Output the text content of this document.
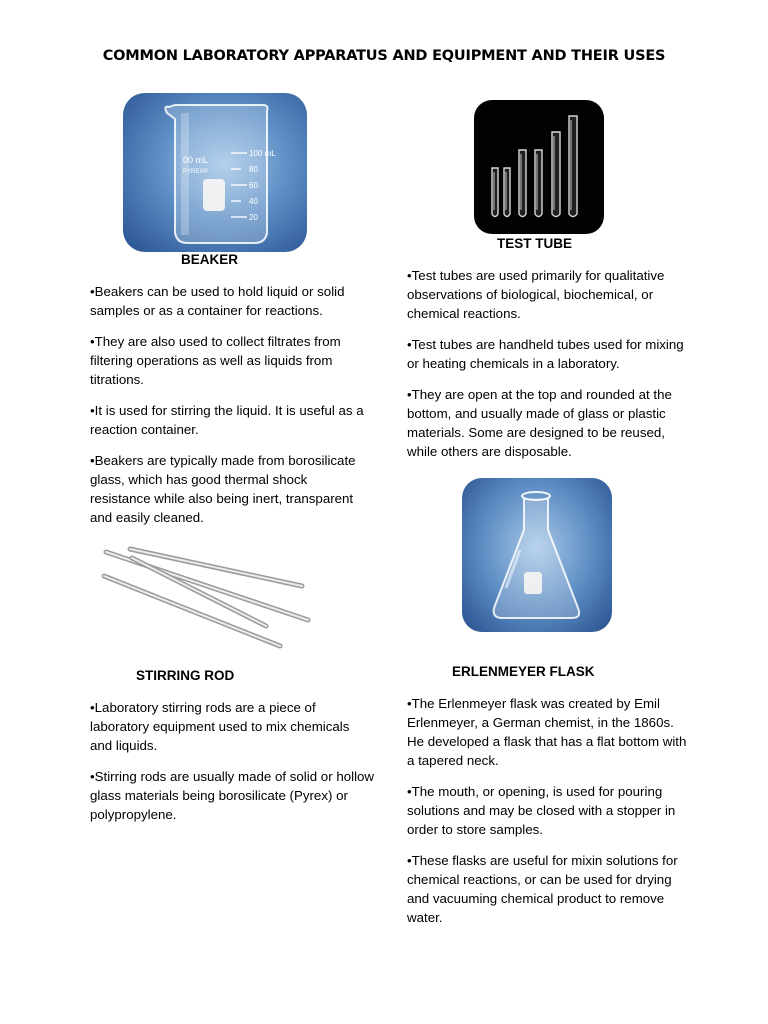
COMMON LABORATORY APPARATUS AND EQUIPMENT AND THEIR USES
00 mL
PYREX®
100 mL
80
60
40
20
BEAKER

•Beakers can be used to hold liquid or solid samples or as a container for reactions.

•They are also used to collect filtrates from filtering operations as well as liquids from titrations.

•It is used for stirring the liquid. It is useful as a reaction container.

•Beakers are typically made from borosilicate glass, which has good thermal shock resistance while also being inert, transparent and easily cleaned.

TEST TUBE

•Test tubes are used primarily for qualitative observations of biological, biochemical, or chemical reactions.

•Test tubes are handheld tubes used for mixing or heating chemicals in a laboratory.

•They are open at the top and rounded at the bottom, and usually made of glass or plastic materials. Some are designed to be reused, while others are disposable.

STIRRING ROD

•Laboratory stirring rods are a piece of laboratory equipment used to mix chemicals and liquids.

•Stirring rods are usually made of solid or hollow glass materials being borosilicate (Pyrex) or polypropylene.

ERLENMEYER FLASK

•The Erlenmeyer flask was created by Emil Erlenmeyer, a German chemist, in the 1860s. He developed a flask that has a flat bottom with a tapered neck.

•The mouth, or opening, is used for pouring solutions and may be closed with a stopper in order to store samples.

•These flasks are useful for mixin solutions for chemical reactions, or can be used for drying and vacuuming chemical product to remove water.
